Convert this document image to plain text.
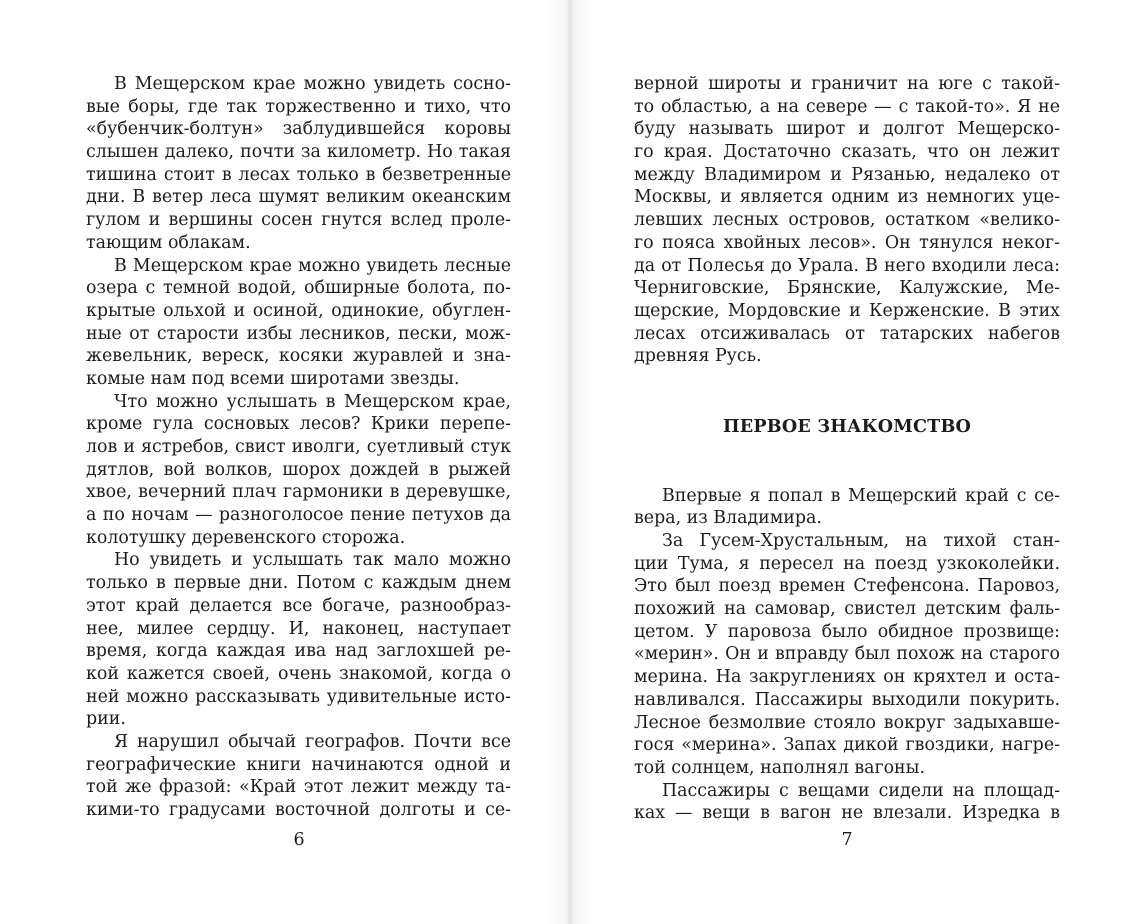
В Мещерском крае можно увидеть сосно-
вые боры, где так торжественно и тихо, что
«бубенчик-болтун» заблудившейся коровы
слышен далеко, почти за километр. Но такая
тишина стоит в лесах только в безветренные
дни. В ветер леса шумят великим океанским
гулом и вершины сосен гнутся вслед проле-
тающим облакам.
В Мещерском крае можно увидеть лесные
озера с темной водой, обширные болота, по-
крытые ольхой и осиной, одинокие, обуглен-
ные от старости избы лесников, пески, мож-
жевельник, вереск, косяки журавлей и зна-
комые нам под всеми широтами звезды.
Что можно услышать в Мещерском крае,
кроме гула сосновых лесов? Крики перепе-
лов и ястребов, свист иволги, суетливый стук
дятлов, вой волков, шорох дождей в рыжей
хвое, вечерний плач гармоники в деревушке,
а по ночам — разноголосое пение петухов да
колотушку деревенского сторожа.
Но увидеть и услышать так мало можно
только в первые дни. Потом с каждым днем
этот край делается все богаче, разнообраз-
нее, милее сердцу. И, наконец, наступает
время, когда каждая ива над заглохшей ре-
кой кажется своей, очень знакомой, когда о
ней можно рассказывать удивительные исто-
рии.
Я нарушил обычай географов. Почти все
географические книги начинаются одной и
той же фразой: «Край этот лежит между та-
кими-то градусами восточной долготы и се-
6
верной широты и граничит на юге с такой-
то областью, а на севере — с такой-то». Я не
буду называть широт и долгот Мещерско-
го края. Достаточно сказать, что он лежит
между Владимиром и Рязанью, недалеко от
Москвы, и является одним из немногих уце-
левших лесных островов, остатком «велико-
го пояса хвойных лесов». Он тянулся неког-
да от Полесья до Урала. В него входили леса:
Черниговские, Брянские, Калужские, Ме-
щерские, Мордовские и Керженские. В этих
лесах отсиживалась от татарских набегов
древняя Русь.
ПЕРВОЕ ЗНАКОМСТВО
Впервые я попал в Мещерский край с се-
вера, из Владимира.
За Гусем-Хрустальным, на тихой стан-
ции Тума, я пересел на поезд узкоколейки.
Это был поезд времен Стефенсона. Паровоз,
похожий на самовар, свистел детским фаль-
цетом. У паровоза было обидное прозвище:
«мерин». Он и вправду был похож на старого
мерина. На закруглениях он кряхтел и оста-
навливался. Пассажиры выходили покурить.
Лесное безмолвие стояло вокруг задыхавше-
гося «мерина». Запах дикой гвоздики, нагре-
той солнцем, наполнял вагоны.
Пассажиры с вещами сидели на площад-
ках — вещи в вагон не влезали. Изредка в
7
